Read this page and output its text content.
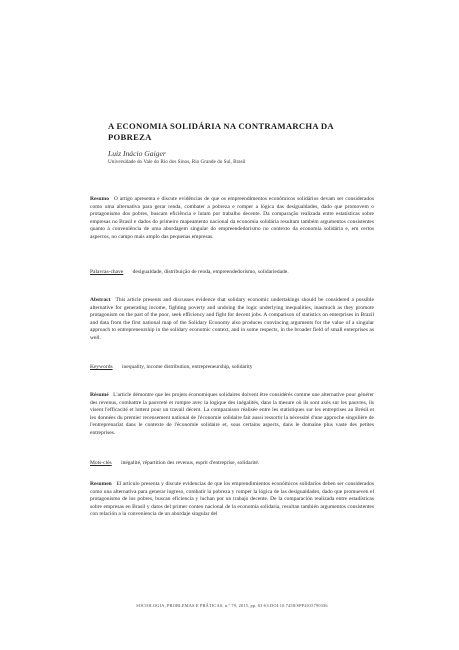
A ECONOMIA SOLIDÁRIA NA CONTRAMARCHA DA POBREZA
Luiz Inácio Gaiger
Universidade do Vale do Rio dos Sinos, Rio Grande do Sul, Brasil
Resumo O artigo apresenta e discute evidências de que os empreendimentos econômicos solidários devam ser considerados como uma alternativa para gerar renda, combater a pobreza e romper a lógica das desigualdades, dado que promovem o protagonismo dos pobres, buscam eficiência e lutam por trabalho decente. Da comparação realizada entre estatísticas sobre empresas no Brasil e dados do primeiro mapeamento nacional da economia solidária resultam também argumentos consistentes quanto à conveniência de uma abordagem singular do empreendedorismo no contexto da economia solidária e, em certos aspectos, no campo mais amplo das pequenas empresas.
Palavras-chave desigualdade, distribuição de renda, empreendedorismo, solidariedade.
Abstract This article presents and discusses evidence that solidary economic undertakings should be considered a possible alternative for generating income, fighting poverty and undoing the logic underlying inequalities, inasmuch as they promote protagonism on the part of the poor, seek efficiency and fight for decent jobs. A comparison of statistics on enterprises in Brazil and data from the first national map of the Solidary Economy also produces convincing arguments for the value of a singular approach to entrepreneurship in the solidary economic context, and in some respects, in the broader field of small enterprises as well.
Keywords inequality, income distribution, entrepreneurship, solidarity
Résumé L'article démontre que les projets économiques solidaires doivent être considérés comme une alternative pour générer des revenus, combattre la pauvreté et rompre avec la logique des inégalités, dans la mesure où ils sont axés sur les pauvres, ils visent l'efficacité et luttent pour un travail décent. La comparaison réalisée entre les statistiques sur les entreprises au Brésil et les données du premier recensement national de l'économie solidaire fait aussi ressortir la nécessité d'une approche singulière de l'entreprenariat dans le contexte de l'économie solidaire et, sous certains aspects, dans le domaine plus vaste des petites entreprises.
Mots-clés inégalité, répartition des revenus, esprit d'entreprise, solidarité.
Resumen El artículo presenta y discute evidencias de que los emprendimientos económicos solidarios deben ser considerados como una alternativa para generar ingreso, combatir la pobreza y romper la lógica de las desigualdades, dado que promueven el protagonismo de los pobres, buscan eficiencia y luchan por un trabajo decente. De la comparación realizada entre estadísticas sobre empresas en Brasil y datos del primer conteo nacional de la economía solidaria, resultan también argumentos consistentes con relación a la conveniencia de un abordaje singular del
SOCIOLOGIA, PROBLEMAS E PRÁTICAS, n.º 79, 2015, pp. 63-63 DOI:10.7458/SPP2015790336
